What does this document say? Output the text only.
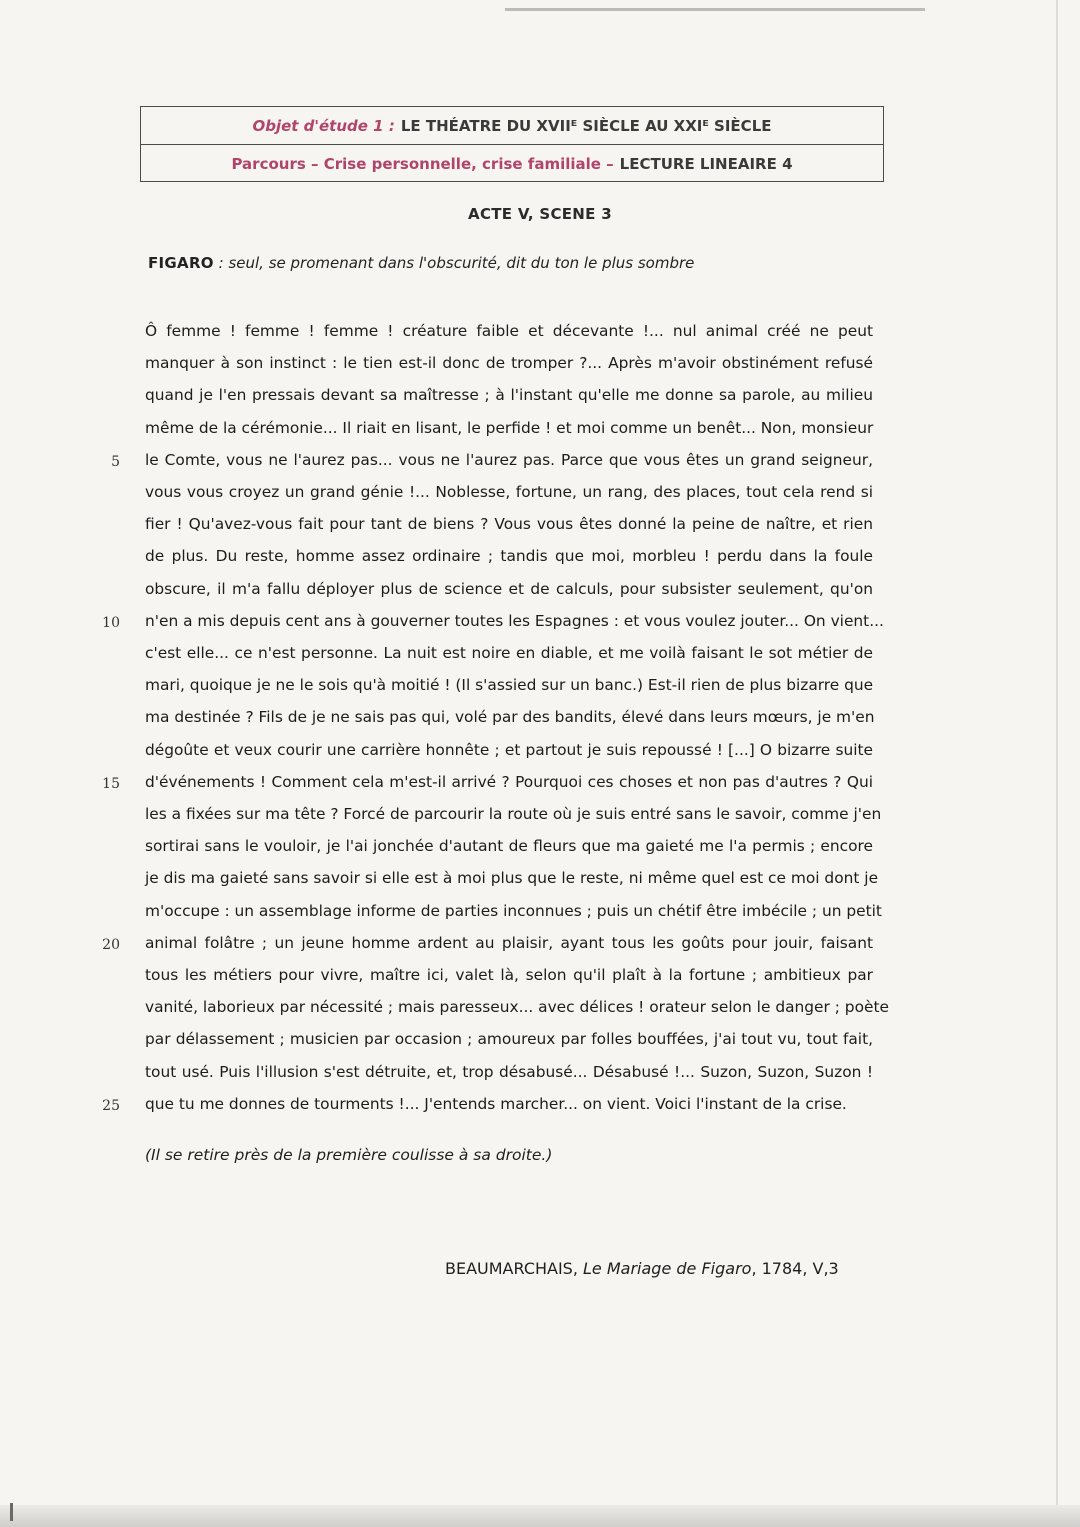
Objet d'étude 1 : LE THÉATRE DU XVIIᴱ SIÈCLE AU XXIᴱ SIÈCLE
Parcours – Crise personnelle, crise familiale – LECTURE LINEAIRE 4
ACTE V, SCENE 3
FIGARO : seul, se promenant dans l'obscurité, dit du ton le plus sombre
Ô femme ! femme ! femme ! créature faible et décevante !... nul animal créé ne peut
manquer à son instinct : le tien est-il donc de tromper ?... Après m'avoir obstinément refusé
quand je l'en pressais devant sa maîtresse ; à l'instant qu'elle me donne sa parole, au milieu
même de la cérémonie... Il riait en lisant, le perfide ! et moi comme un benêt... Non, monsieur
le Comte, vous ne l'aurez pas... vous ne l'aurez pas. Parce que vous êtes un grand seigneur,
vous vous croyez un grand génie !... Noblesse, fortune, un rang, des places, tout cela rend si
fier ! Qu'avez-vous fait pour tant de biens ? Vous vous êtes donné la peine de naître, et rien
de plus. Du reste, homme assez ordinaire ; tandis que moi, morbleu ! perdu dans la foule
obscure, il m'a fallu déployer plus de science et de calculs, pour subsister seulement, qu'on
n'en a mis depuis cent ans à gouverner toutes les Espagnes : et vous voulez jouter... On vient...
c'est elle... ce n'est personne. La nuit est noire en diable, et me voilà faisant le sot métier de
mari, quoique je ne le sois qu'à moitié ! (Il s'assied sur un banc.) Est-il rien de plus bizarre que
ma destinée ? Fils de je ne sais pas qui, volé par des bandits, élevé dans leurs mœurs, je m'en
dégoûte et veux courir une carrière honnête ; et partout je suis repoussé ! [...] O bizarre suite
d'événements ! Comment cela m'est-il arrivé ? Pourquoi ces choses et non pas d'autres ? Qui
les a fixées sur ma tête ? Forcé de parcourir la route où je suis entré sans le savoir, comme j'en
sortirai sans le vouloir, je l'ai jonchée d'autant de fleurs que ma gaieté me l'a permis ; encore
je dis ma gaieté sans savoir si elle est à moi plus que le reste, ni même quel est ce moi dont je
m'occupe : un assemblage informe de parties inconnues ; puis un chétif être imbécile ; un petit
animal folâtre ; un jeune homme ardent au plaisir, ayant tous les goûts pour jouir, faisant
tous les métiers pour vivre, maître ici, valet là, selon qu'il plaît à la fortune ; ambitieux par
vanité, laborieux par nécessité ; mais paresseux... avec délices ! orateur selon le danger ; poète
par délassement ; musicien par occasion ; amoureux par folles bouffées, j'ai tout vu, tout fait,
tout usé. Puis l'illusion s'est détruite, et, trop désabusé... Désabusé !... Suzon, Suzon, Suzon !
que tu me donnes de tourments !... J'entends marcher... on vient. Voici l'instant de la crise.
5
10
15
20
25
(Il se retire près de la première coulisse à sa droite.)
BEAUMARCHAIS, Le Mariage de Figaro, 1784, V,3
